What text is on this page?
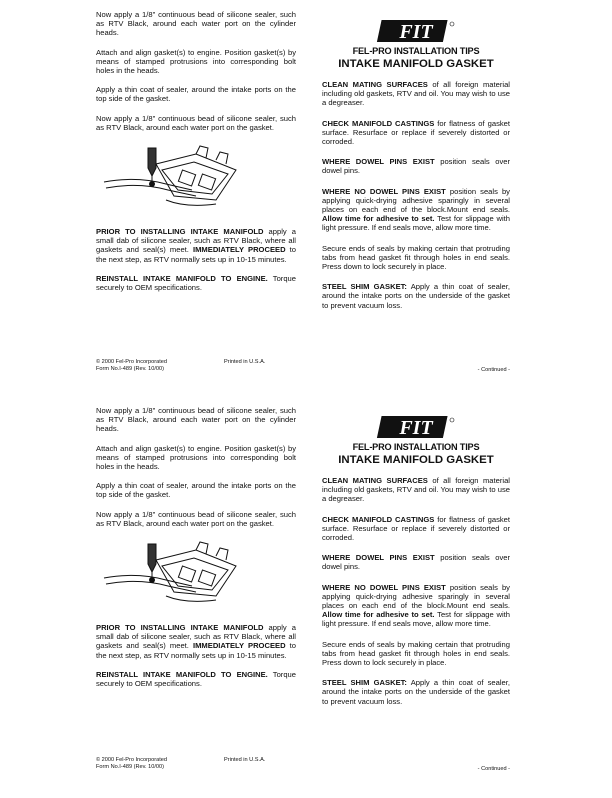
Now apply a 1/8" continuous bead of silicone sealer, such as RTV Black, around each water port on the cylinder heads.

Attach and align gasket(s) to engine. Position gasket(s) by means of stamped protrusions into corresponding bolt holes in the heads.

Apply a thin coat of sealer, around the intake ports on the top side of the gasket.

Now apply a 1/8" continuous bead of silicone sealer, such as RTV Black, around each water port on the gasket.

PRIOR TO INSTALLING INTAKE MANIFOLD apply a small dab of silicone sealer, such as RTV Black, where all gaskets and seal(s) meet. IMMEDIATELY PROCEED to the next step, as RTV normally sets up in 10-15 minutes.

REINSTALL INTAKE MANIFOLD TO ENGINE. Torque securely to OEM specifications.

© 2000 Fel-Pro Incorporated
Form No.I-489 (Rev. 10/00)
Printed in U.S.A.
- Continued -
FIT
FEL-PRO INSTALLATION TIPS
INTAKE MANIFOLD GASKET

CLEAN MATING SURFACES of all foreign material including old gaskets, RTV and oil. You may wish to use a degreaser.

CHECK MANIFOLD CASTINGS for flatness of gasket surface. Resurface or replace if severely distorted or corroded.

WHERE DOWEL PINS EXIST position seals over dowel pins.

WHERE NO DOWEL PINS EXIST position seals by applying quick-drying adhesive sparingly in several places on each end of the block.Mount end seals. Allow time for adhesive to set. Test for slippage with light pressure. If end seals move, allow more time.

Secure ends of seals by making certain that protruding tabs from head gasket fit through holes in end seals. Press down to lock securely in place.

STEEL SHIM GASKET: Apply a thin coat of sealer, around the intake ports on the underside of the gasket to prevent vacuum loss.

Now apply a 1/8" continuous bead of silicone sealer, such as RTV Black, around each water port on the cylinder heads.

Attach and align gasket(s) to engine. Position gasket(s) by means of stamped protrusions into corresponding bolt holes in the heads.

Apply a thin coat of sealer, around the intake ports on the top side of the gasket.

Now apply a 1/8" continuous bead of silicone sealer, such as RTV Black, around each water port on the gasket.

PRIOR TO INSTALLING INTAKE MANIFOLD apply a small dab of silicone sealer, such as RTV Black, where all gaskets and seal(s) meet. IMMEDIATELY PROCEED to the next step, as RTV normally sets up in 10-15 minutes.

REINSTALL INTAKE MANIFOLD TO ENGINE. Torque securely to OEM specifications.

© 2000 Fel-Pro Incorporated
Form No.I-489 (Rev. 10/00)
Printed in U.S.A.
- Continued -
FIT
FEL-PRO INSTALLATION TIPS
INTAKE MANIFOLD GASKET

CLEAN MATING SURFACES of all foreign material including old gaskets, RTV and oil. You may wish to use a degreaser.

CHECK MANIFOLD CASTINGS for flatness of gasket surface. Resurface or replace if severely distorted or corroded.

WHERE DOWEL PINS EXIST position seals over dowel pins.

WHERE NO DOWEL PINS EXIST position seals by applying quick-drying adhesive sparingly in several places on each end of the block.Mount end seals. Allow time for adhesive to set. Test for slippage with light pressure. If end seals move, allow more time.

Secure ends of seals by making certain that protruding tabs from head gasket fit through holes in end seals. Press down to lock securely in place.

STEEL SHIM GASKET: Apply a thin coat of sealer, around the intake ports on the underside of the gasket to prevent vacuum loss.
